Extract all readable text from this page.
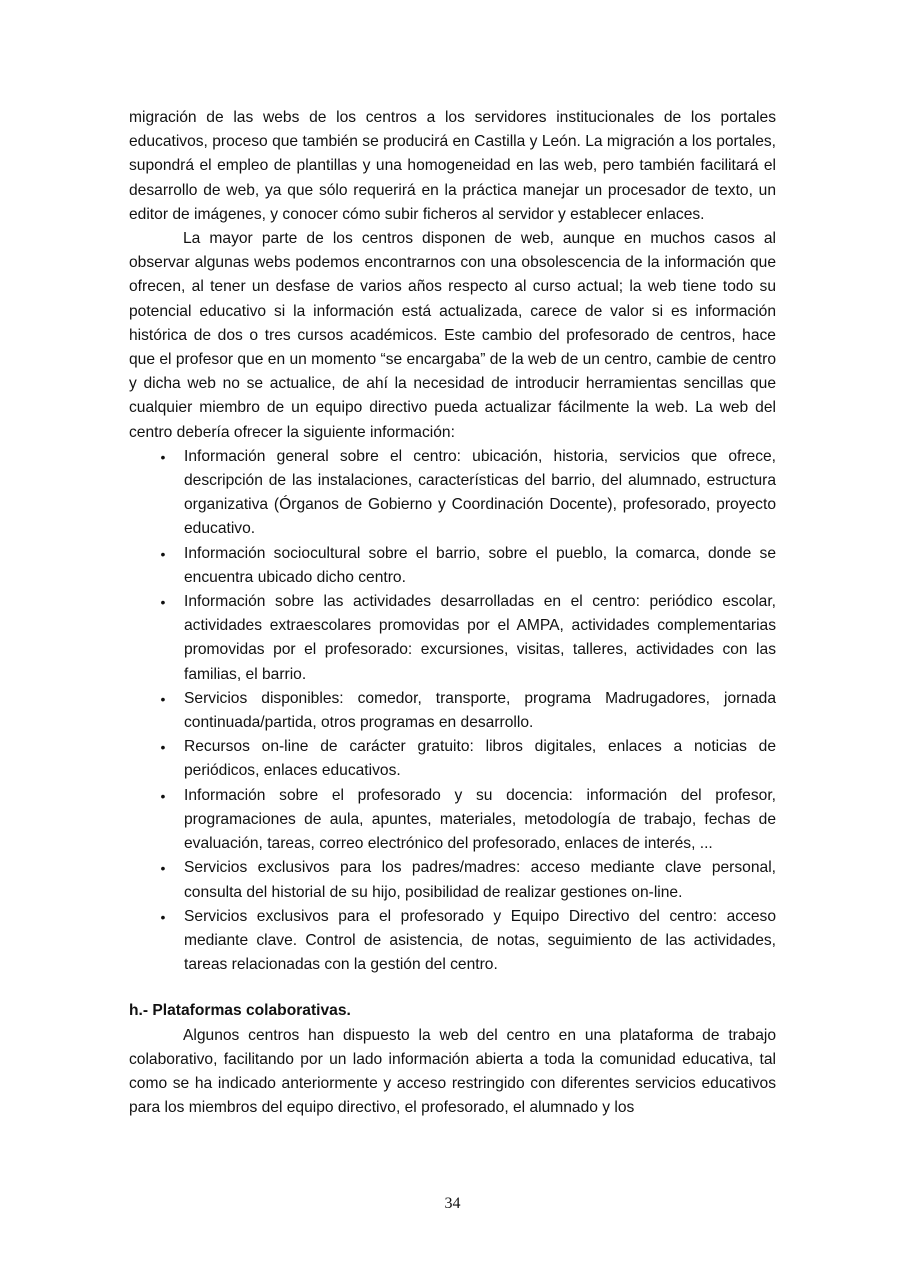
migración de las webs de los centros a los servidores institucionales de los portales educativos, proceso que también se producirá en Castilla y León. La migración a los portales, supondrá el empleo de plantillas y una homogeneidad en las web, pero también facilitará el desarrollo de web, ya que sólo requerirá en la práctica manejar un procesador de texto, un editor de imágenes, y conocer cómo subir ficheros al servidor y establecer enlaces.

La mayor parte de los centros disponen de web, aunque en muchos casos al observar algunas webs podemos encontrarnos con una obsolescencia de la información que ofrecen, al tener un desfase de varios años respecto al curso actual; la web tiene todo su potencial educativo si la información está actualizada, carece de valor si es información histórica de dos o tres cursos académicos. Este cambio del profesorado de centros, hace que el profesor que en un momento “se encargaba” de la web de un centro, cambie de centro y dicha web no se actualice, de ahí la necesidad de introducir herramientas sencillas que cualquier miembro de un equipo directivo pueda actualizar fácilmente la web. La web del centro debería ofrecer la siguiente información:

• Información general sobre el centro: ubicación, historia, servicios que ofrece, descripción de las instalaciones, características del barrio, del alumnado, estructura organizativa (Órganos de Gobierno y Coordinación Docente), profesorado, proyecto educativo.
• Información sociocultural sobre el barrio, sobre el pueblo, la comarca, donde se encuentra ubicado dicho centro.
• Información sobre las actividades desarrolladas en el centro: periódico escolar, actividades extraescolares promovidas por el AMPA, actividades complementarias promovidas por el profesorado: excursiones, visitas, talleres, actividades con las familias, el barrio.
• Servicios disponibles: comedor, transporte, programa Madrugadores, jornada continuada/partida, otros programas en desarrollo.
• Recursos on-line de carácter gratuito: libros digitales, enlaces a noticias de periódicos, enlaces educativos.
• Información sobre el profesorado y su docencia: información del profesor, programaciones de aula, apuntes, materiales, metodología de trabajo, fechas de evaluación, tareas, correo electrónico del profesorado, enlaces de interés, ...
• Servicios exclusivos para los padres/madres: acceso mediante clave personal, consulta del historial de su hijo, posibilidad de realizar gestiones on-line.
• Servicios exclusivos para el profesorado y Equipo Directivo del centro: acceso mediante clave. Control de asistencia, de notas, seguimiento de las actividades, tareas relacionadas con la gestión del centro.

h.- Plataformas colaborativas.

Algunos centros han dispuesto la web del centro en una plataforma de trabajo colaborativo, facilitando por un lado información abierta a toda la comunidad educativa, tal como se ha indicado anteriormente y acceso restringido con diferentes servicios educativos para los miembros del equipo directivo, el profesorado, el alumnado y los

34
